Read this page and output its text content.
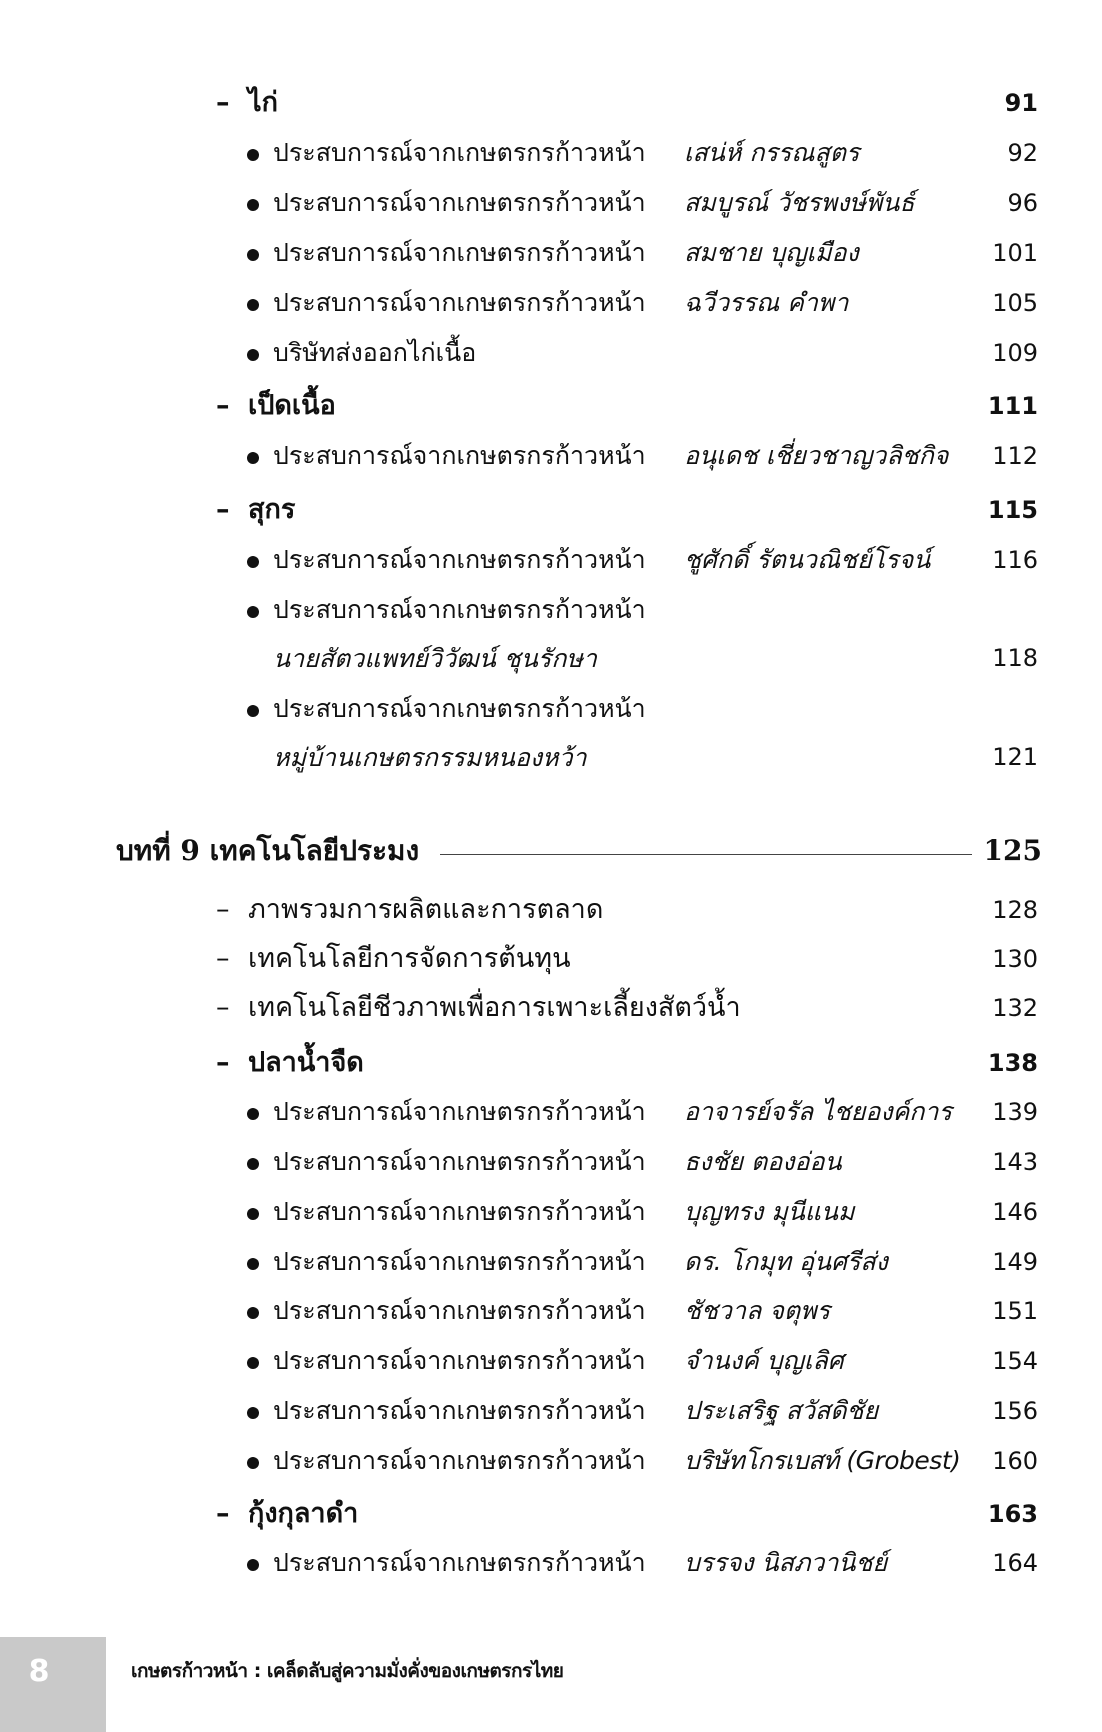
– ไก่	91
ประสบการณ์จากเกษตรกรก้าวหน้า เสน่ห์ กรรณสูตร	92
ประสบการณ์จากเกษตรกรก้าวหน้า สมบูรณ์ วัชรพงษ์พันธ์	96
ประสบการณ์จากเกษตรกรก้าวหน้า สมชาย บุญเมือง	101
ประสบการณ์จากเกษตรกรก้าวหน้า ฉวีวรรณ คำพา	105
บริษัทส่งออกไก่เนื้อ	109
– เป็ดเนื้อ	111
ประสบการณ์จากเกษตรกรก้าวหน้า อนุเดช เชี่ยวชาญวลิชกิจ 112
– สุกร	115
ประสบการณ์จากเกษตรกรก้าวหน้า ชูศักดิ์ รัตนวณิชย์โรจน์	116
ประสบการณ์จากเกษตรกรก้าวหน้า
นายสัตวแพทย์วิวัฒน์ ชุนรักษา	118
ประสบการณ์จากเกษตรกรก้าวหน้า
หมู่บ้านเกษตรกรรมหนองหว้า	121
บทที่ 9 เทคโนโลยีประมง	125
– ภาพรวมการผลิตและการตลาด	128
– เทคโนโลยีการจัดการต้นทุน	130
– เทคโนโลยีชีวภาพเพื่อการเพาะเลี้ยงสัตว์น้ำ	132
– ปลาน้ำจืด	138
ประสบการณ์จากเกษตรกรก้าวหน้า อาจารย์จรัล ไชยองค์การ 139
ประสบการณ์จากเกษตรกรก้าวหน้า ธงชัย ตองอ่อน	143
ประสบการณ์จากเกษตรกรก้าวหน้า บุญทรง มุนีแนม	146
ประสบการณ์จากเกษตรกรก้าวหน้า ดร. โกมุท อุ่นศรีส่ง	149
ประสบการณ์จากเกษตรกรก้าวหน้า ชัชวาล จตุพร	151
ประสบการณ์จากเกษตรกรก้าวหน้า จำนงค์ บุญเลิศ	154
ประสบการณ์จากเกษตรกรก้าวหน้า ประเสริฐ สวัสดิชัย	156
ประสบการณ์จากเกษตรกรก้าวหน้า บริษัทโกรเบสท์ (Grobest) 160
– กุ้งกุลาดำ	163
ประสบการณ์จากเกษตรกรก้าวหน้า บรรจง นิสภวานิชย์	164
8	เกษตรก้าวหน้า : เคล็ดลับสู่ความมั่งคั่งของเกษตรกรไทย
